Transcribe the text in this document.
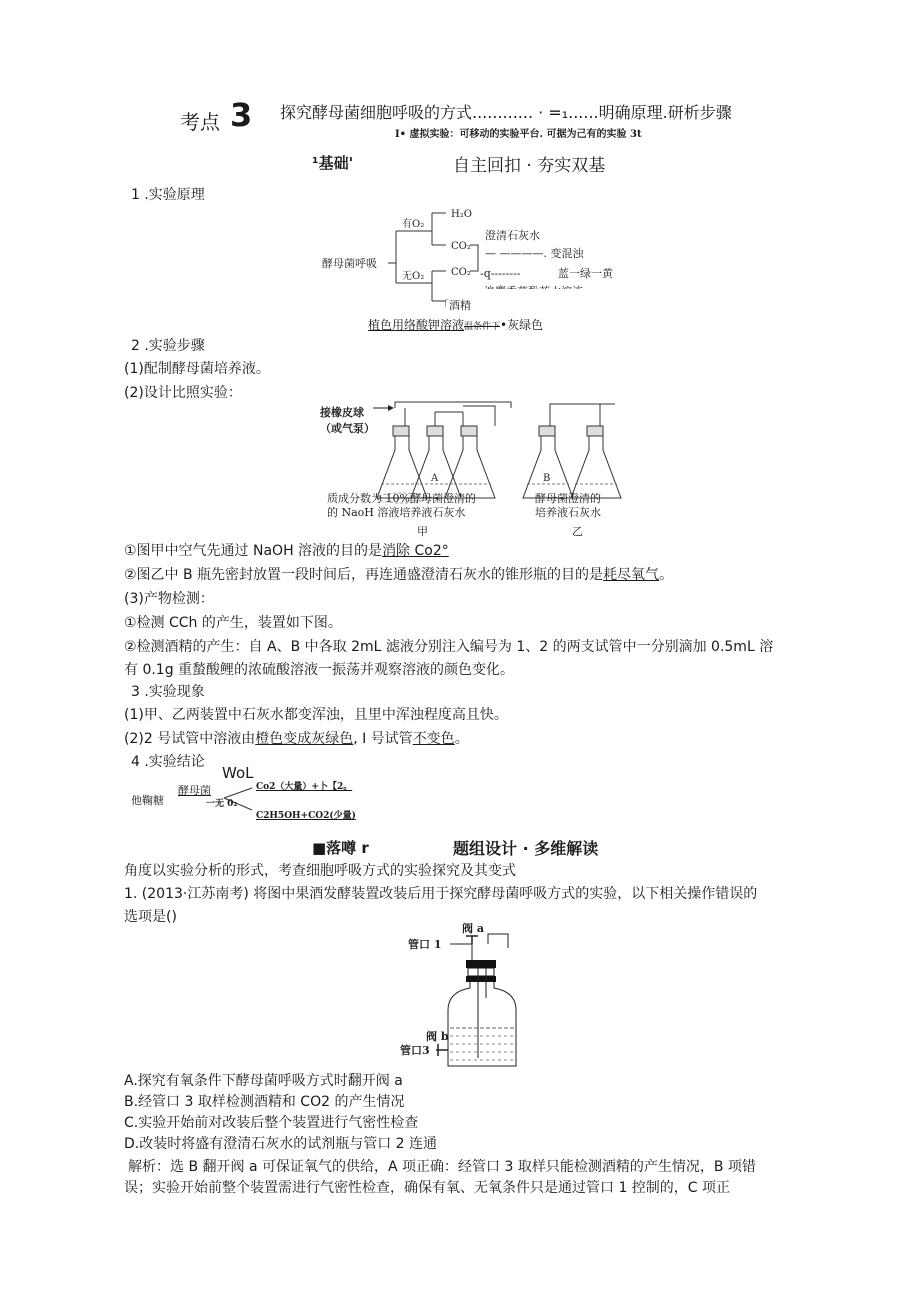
考点 3 探究酵母菌细胞呼吸的方式............ · =₁......明确原理.研析步骤
I• 虚拟实验：可移动的实验平台. 可据为己有的实验 3t
¹基础'	自主回扣 · 夯实双基
1 .实验原理
酵母菌呼吸
有O₂
无O₂
H₂O
CO₂
CO₂
澄清石灰水
— ————. 变混浊
-q--------	蓝一绿一黄
「酒精
植色用络酸钾溶液温条件下•灰绿色
2 .实验步骤
(1)配制酵母菌培养液。
(2)设计比照实验：
接橡皮球
（或气泵）
A	B
质成分数为 10%酵母菌澄清的
的 NaoH 溶液培养液石灰水
酵母菌澄清的
培养液石灰水
甲	乙
①图甲中空气先通过 NaOH 溶液的目的是消除 Co2°
②图乙中 B 瓶先密封放置一段时间后，再连通盛澄清石灰水的锥形瓶的目的是耗尽氧气。
(3)产物检测：
①检测 CCh 的产生，装置如下图。
②检测酒精的产生：自 A、B 中各取 2mL 滤液分别注入编号为 1、2 的两支试管中一分别滴加 0.5mL 溶
有 0.1g 重蝵酸鲤的浓硫酸溶液一振荡并观察溶液的颜色变化。
3 .实验现象
(1)甲、乙两装置中石灰水都变浑浊，且里中浑浊程度高且快。
(2)2 号试管中溶液由橙色变成灰绿色, I 号试管不变色。
4 .实验结论
他鞠糖
酵母菌
WoL
Co2（大量）+卜【2。
一无 0₂
C2H5OH+CO2(少量)
■落噂 r	题组设计 · 多维解读
角度以实验分析的形式，考查细胞呼吸方式的实验探究及其变式
1. (2013·江苏南考) 将图中果酒发酵装置改装后用于探究酵母菌呼吸方式的实验，以下相关操作错误的
选项是()
阀 a
管口 1
阀 b
管口3
A.探究有氧条件下酵母菌呼吸方式时翻开阀 a
B.经管口 3 取样检测酒精和 CO2 的产生情况
C.实验开始前对改装后整个装置进行气密性检查
D.改装时将盛有澄清石灰水的试剂瓶与管口 2 连通
解析：选 B 翻开阀 a 可保证氧气的供给，A 项正确：经管口 3 取样只能检测酒精的产生情况，B 项错
误；实验开始前整个装置需进行气密性检查，确保有氧、无氧条件只是通过管口 1 控制的，C 项正
